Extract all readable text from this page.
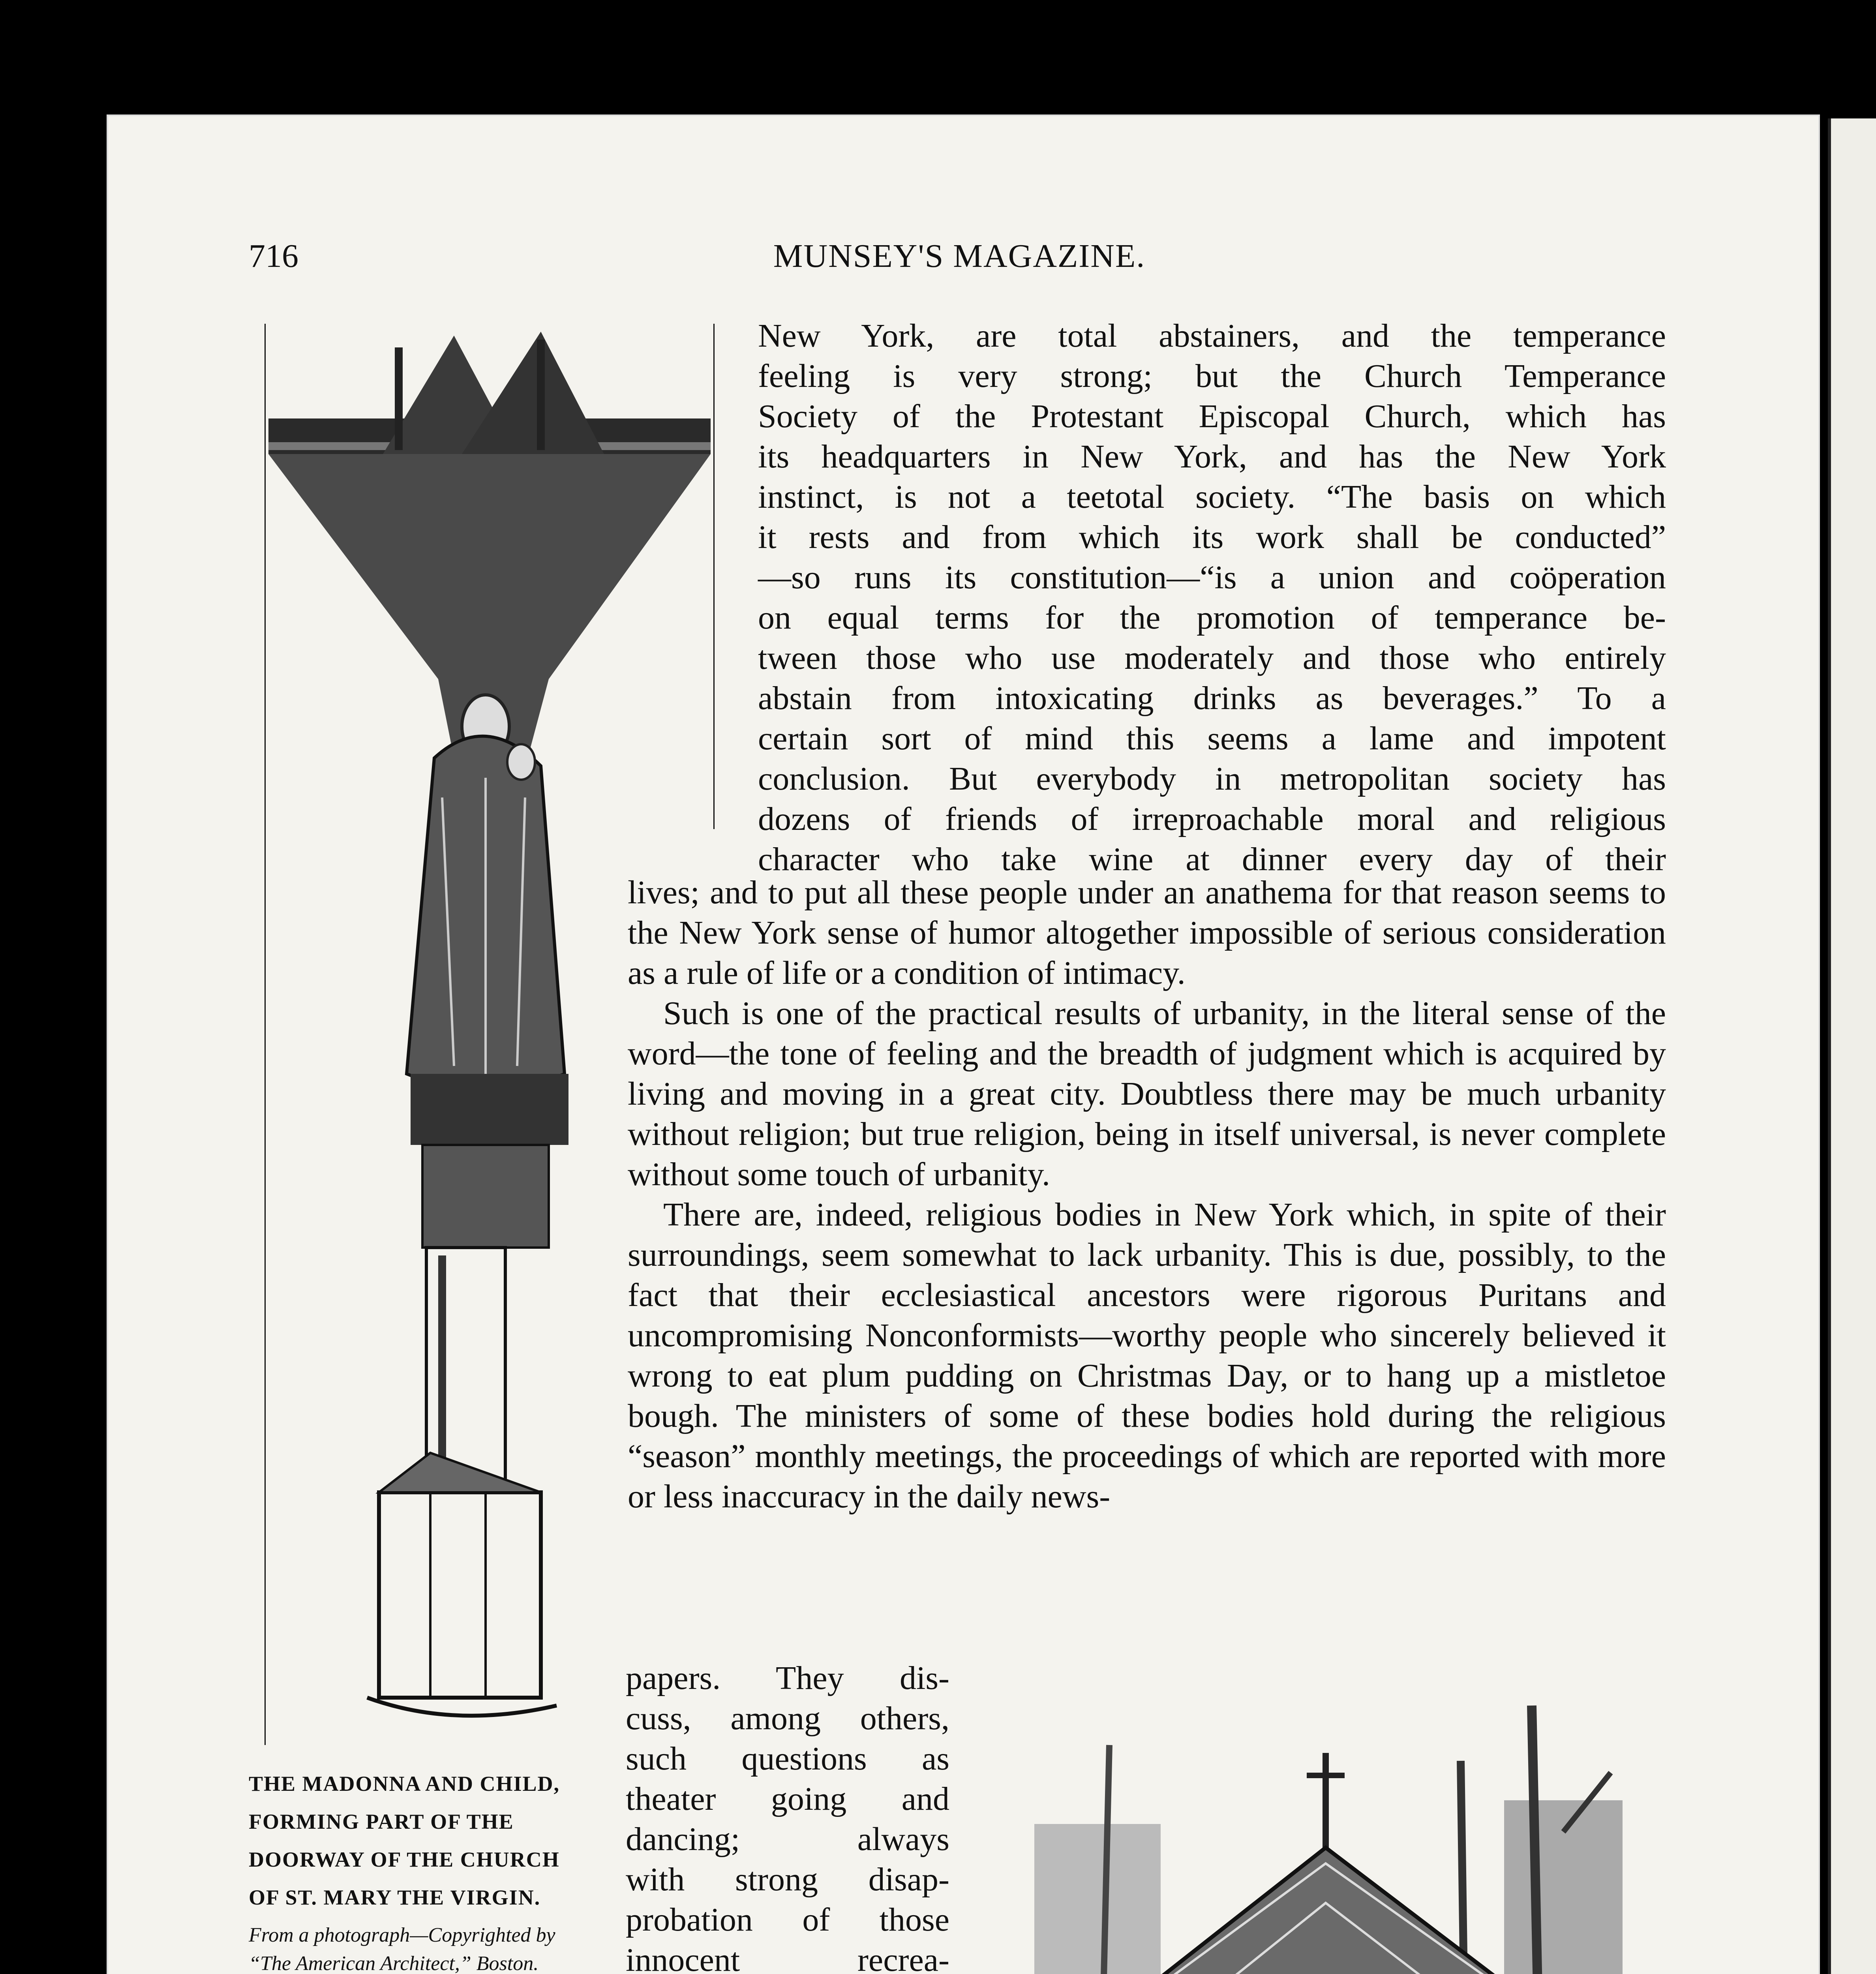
716	MUNSEY'S MAGAZINE.
THE MADONNA AND CHILD, FORMING PART OF THE DOORWAY OF THE CHURCH OF ST. MARY THE VIRGIN.
From a photograph—Copyrighted by “The American Architect,” Boston.
New York, are total abstainers, and the temperance
feeling is very strong; but the Church Temperance
Society of the Protestant Episcopal Church, which has
its headquarters in New York, and has the New York
instinct, is not a teetotal society. “The basis on which
it rests and from which its work shall be conducted”
—so runs its constitution—“is a union and coöperation
on equal terms for the promotion of temperance be-
tween those who use moderately and those who entirely
abstain from intoxicating drinks as beverages.” To a
certain sort of mind this seems a lame and impotent
conclusion. But everybody in metropolitan society has
dozens of friends of irreproachable moral and religious
character who take wine at dinner every day of their

lives; and to put all these people under an anathema for that reason seems to the New York sense of humor altogether impossible of serious consideration as a rule of life or a condition of intimacy.

Such is one of the practical results of urbanity, in the literal sense of the word—the tone of feeling and the breadth of judgment which is acquired by living and moving in a great city. Doubtless there may be much urbanity without religion; but true religion, being in itself universal, is never complete without some touch of urbanity.

There are, indeed, religious bodies in New York which, in spite of their surroundings, seem somewhat to lack urbanity. This is due, possibly, to the fact that their ecclesiastical ancestors were rigorous Puritans and uncompromising Nonconformists—worthy people who sincerely believed it wrong to eat plum pudding on Christmas Day, or to hang up a mistletoe bough. The ministers of some of these bodies hold during the religious “season” monthly meetings, the proceedings of which are reported with more or less inaccuracy in the daily news-

papers. They dis-
cuss, among others,
such questions as
theater going and
dancing; always
with strong disap-
probation of those
innocent recrea-
